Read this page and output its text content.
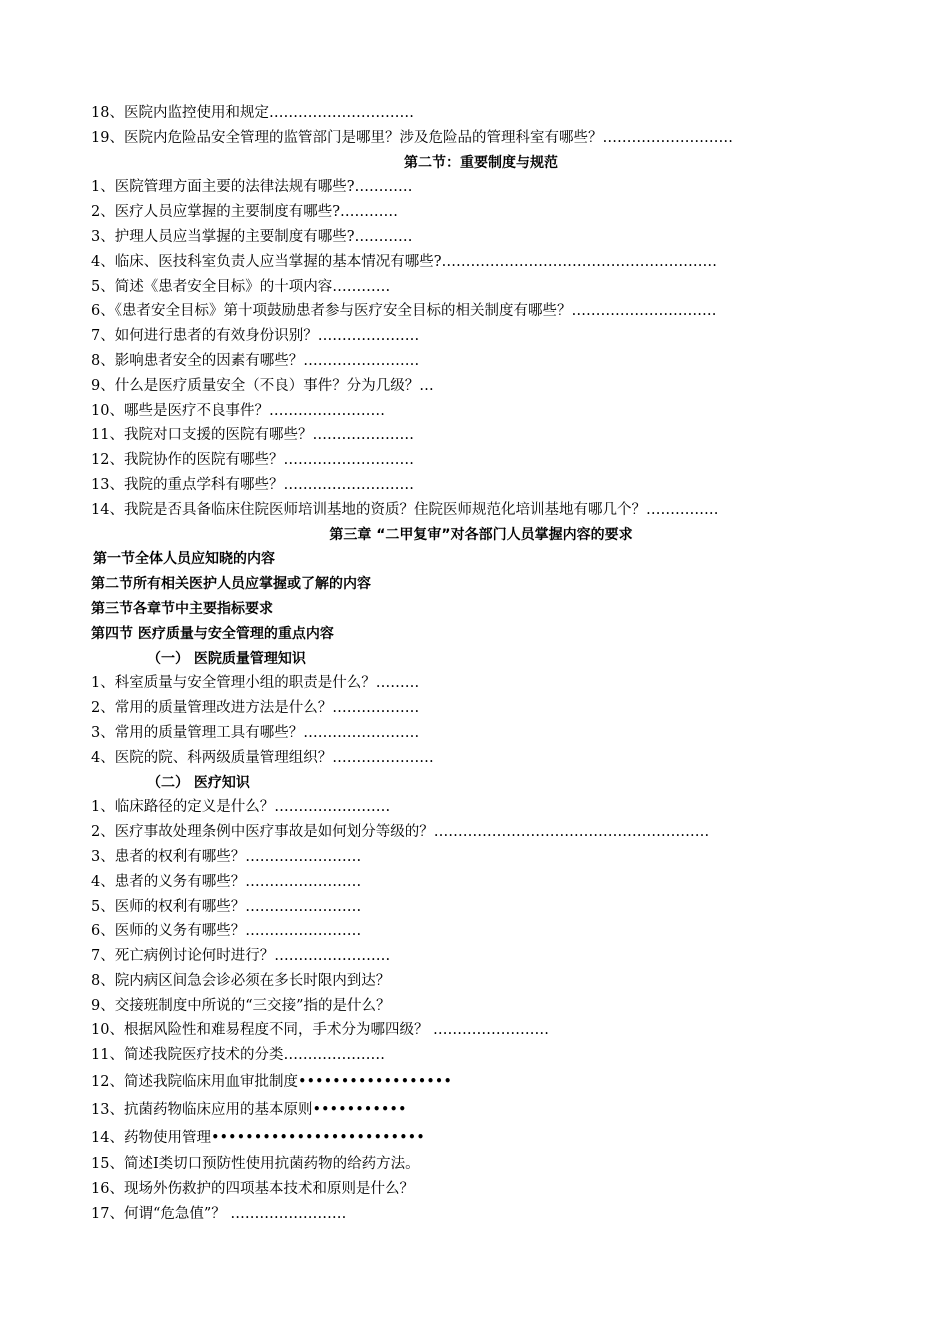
18、医院内监控使用和规定…………………………
19、医院内危险品安全管理的监管部门是哪里？涉及危险品的管理科室有哪些？………………………
第二节：重要制度与规范
1、医院管理方面主要的法律法规有哪些?…………
2、医疗人员应掌握的主要制度有哪些?…………
3、护理人员应当掌握的主要制度有哪些?…………
4、临床、医技科室负责人应当掌握的基本情况有哪些?…………………………………………………
5、简述《患者安全目标》的十项内容…………
6、《患者安全目标》第十项鼓励患者参与医疗安全目标的相关制度有哪些？…………………………
7、如何进行患者的有效身份识别？…………………
8、影响患者安全的因素有哪些？……………………
9、什么是医疗质量安全（不良）事件？分为几级？…
10、哪些是医疗不良事件？……………………
11、我院对口支援的医院有哪些？…………………
12、我院协作的医院有哪些？………………………
13、我院的重点学科有哪些？………………………
14、我院是否具备临床住院医师培训基地的资质？住院医师规范化培训基地有哪几个？……………
第三章 “二甲复审”对各部门人员掌握内容的要求
第一节全体人员应知晓的内容
第二节所有相关医护人员应掌握或了解的内容
第三节各章节中主要指标要求
第四节 医疗质量与安全管理的重点内容
（一） 医院质量管理知识
1、科室质量与安全管理小组的职责是什么？………
2、常用的质量管理改进方法是什么？………………
3、常用的质量管理工具有哪些？……………………
4、医院的院、科两级质量管理组织？…………………
（二） 医疗知识
1、临床路径的定义是什么？……………………
2、医疗事故处理条例中医疗事故是如何划分等级的？…………………………………………………
3、患者的权利有哪些？……………………
4、患者的义务有哪些？……………………
5、医师的权利有哪些？……………………
6、医师的义务有哪些？……………………
7、死亡病例讨论何时进行？……………………
8、院内病区间急会诊必须在多长时限内到达？
9、交接班制度中所说的“三交接”指的是什么？
10、根据风险性和难易程度不同，手术分为哪四级？ ……………………
11、简述我院医疗技术的分类…………………
12、简述我院临床用血审批制度••••••••••••••••••
13、抗菌药物临床应用的基本原则•••••••••••
14、药物使用管理•••••••••••••••••••••••••
15、简述Ⅰ类切口预防性使用抗菌药物的给药方法。
16、现场外伤救护的四项基本技术和原则是什么？
17、何谓“危急值”？ ……………………
